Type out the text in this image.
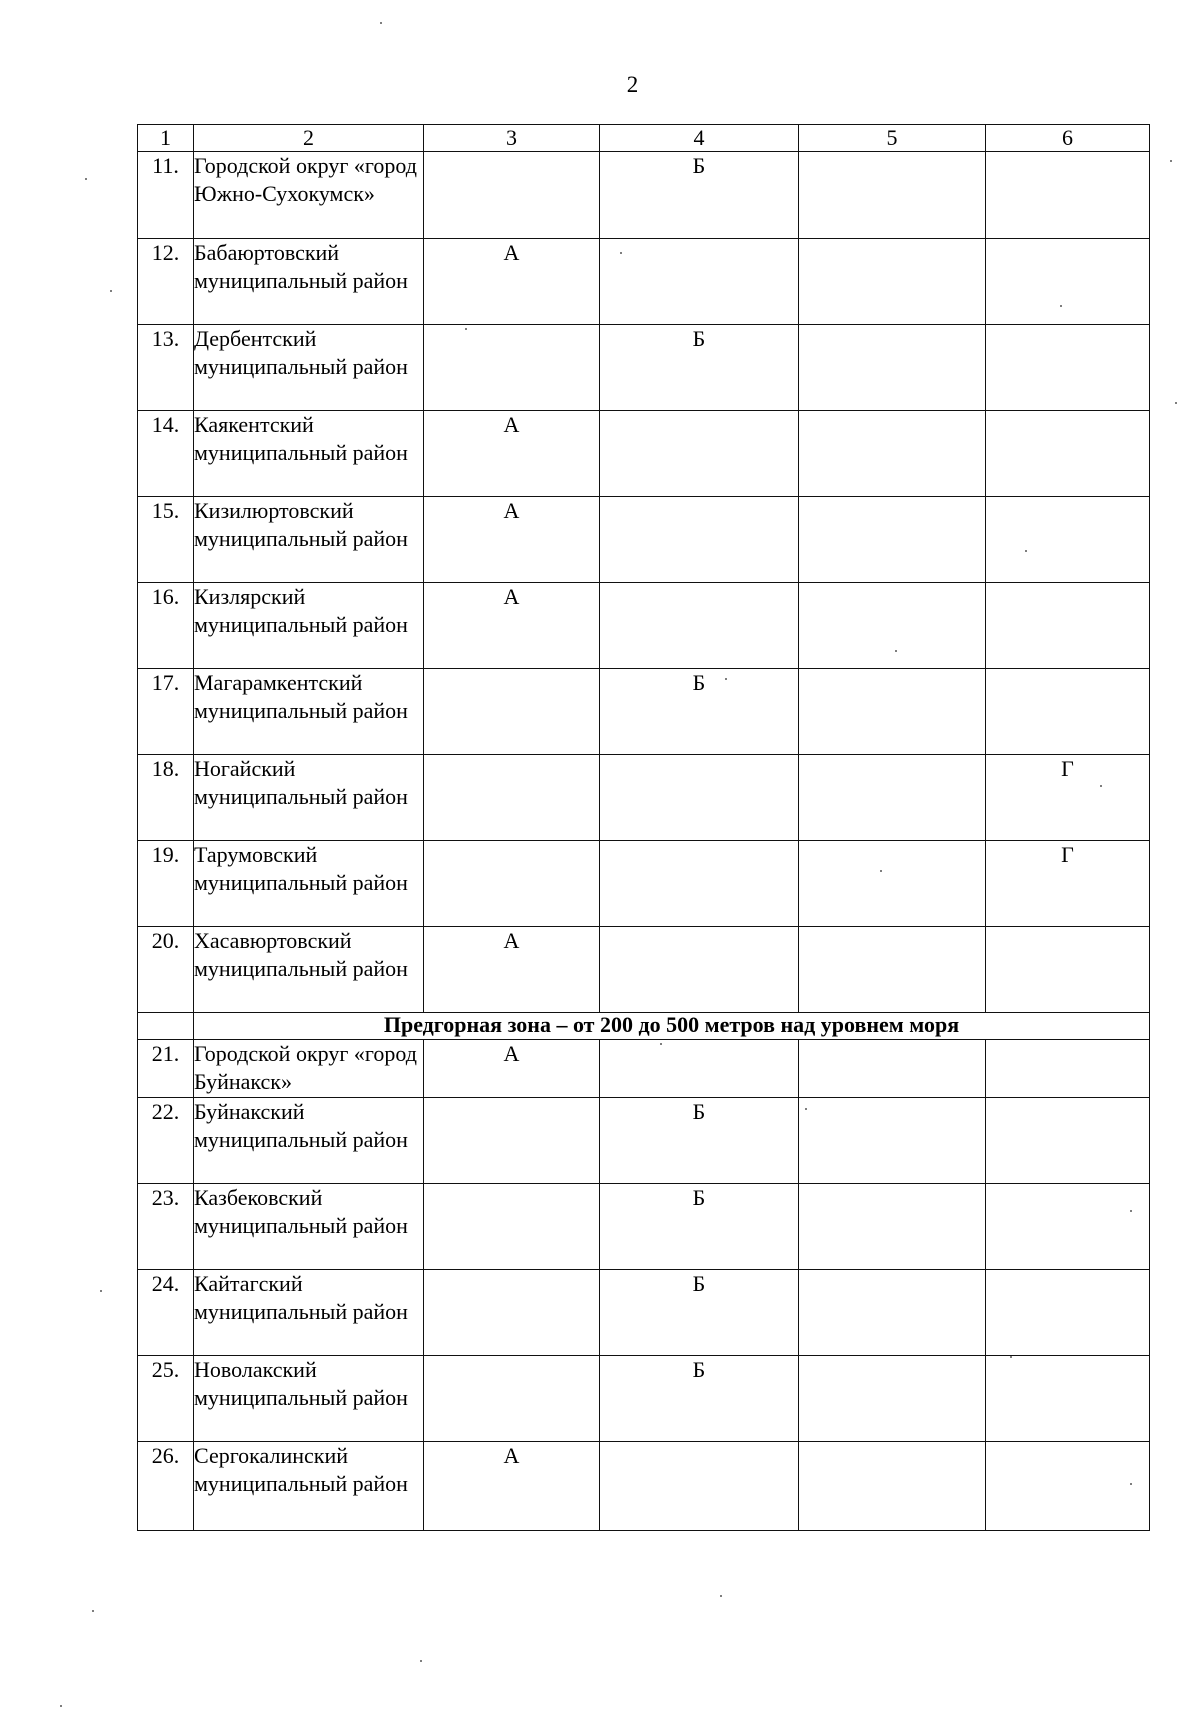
2
1	2	3	4	5	6
11.	Городской округ «город Южно-Сухокумск»		Б		
12.	Бабаюртовский муниципальный район	А			
13.	Дербентский муниципальный район		Б		
14.	Каякентский муниципальный район	А			
15.	Кизилюртовский муниципальный район	А			
16.	Кизлярский муниципальный район	А			
17.	Магарамкентский муниципальный район		Б		
18.	Ногайский муниципальный район				Г
19.	Тарумовский муниципальный район				Г
20.	Хасавюртовский муниципальный район	А			
	Предгорная зона – от 200 до 500 метров над уровнем моря				
21.	Городской округ «город Буйнакск»	А			
22.	Буйнакский муниципальный район		Б		
23.	Казбековский муниципальный район		Б		
24.	Кайтагский муниципальный район		Б		
25.	Новолакский муниципальный район		Б		
26.	Сергокалинский муниципальный район	А			
